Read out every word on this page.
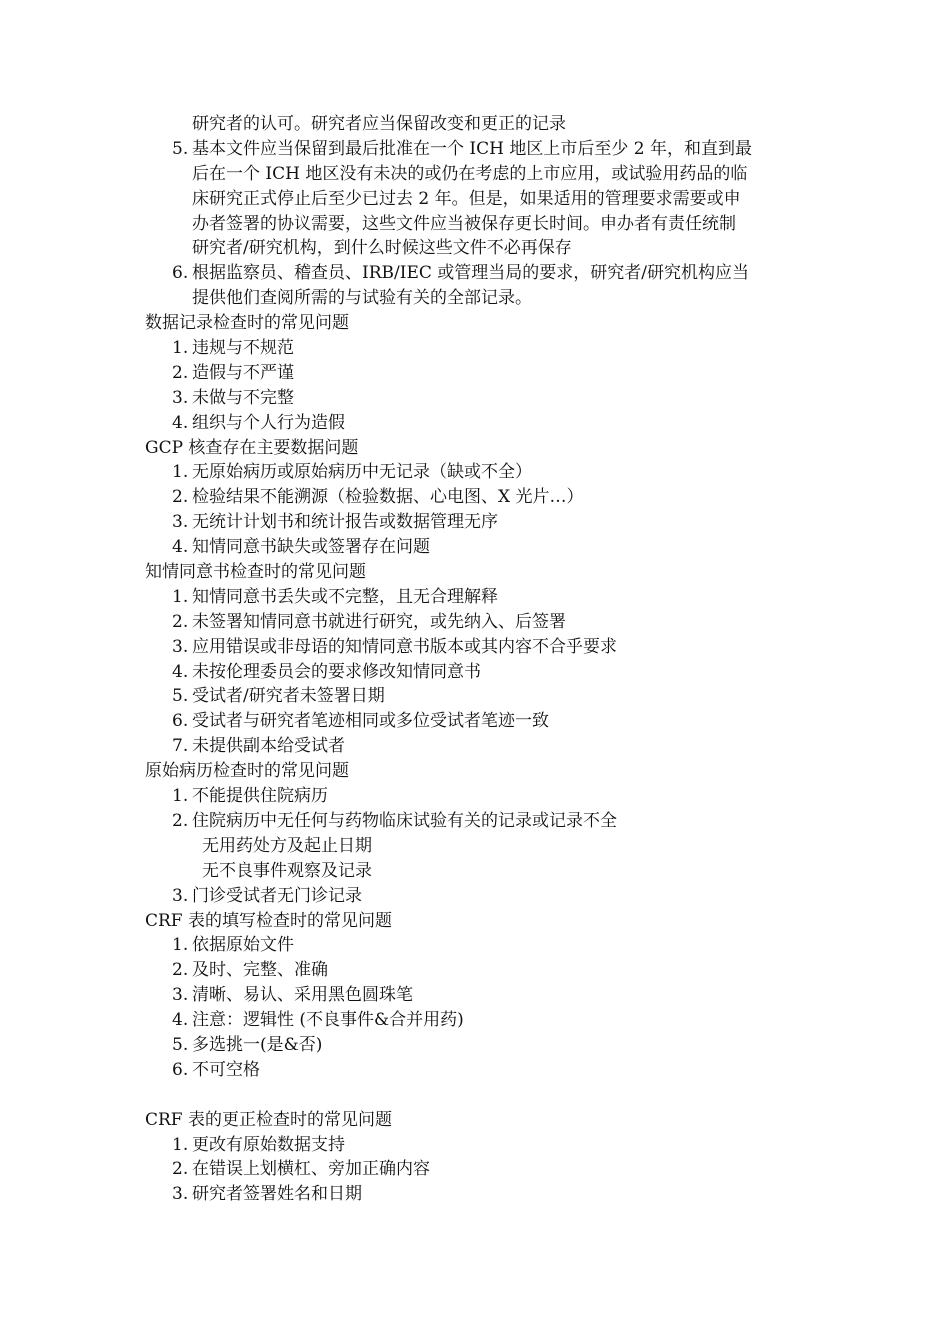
研究者的认可。研究者应当保留改变和更正的记录
5. 基本文件应当保留到最后批准在一个 ICH 地区上市后至少 2 年，和直到最
后在一个 ICH 地区没有未决的或仍在考虑的上市应用，或试验用药品的临
床研究正式停止后至少已过去 2 年。但是，如果适用的管理要求需要或申
办者签署的协议需要，这些文件应当被保存更长时间。申办者有责任统制
研究者/研究机构，到什么时候这些文件不必再保存
6. 根据监察员、稽查员、IRB/IEC 或管理当局的要求，研究者/研究机构应当
提供他们查阅所需的与试验有关的全部记录。
数据记录检查时的常见问题
1. 违规与不规范
2. 造假与不严谨
3. 未做与不完整
4. 组织与个人行为造假
GCP 核查存在主要数据问题
1. 无原始病历或原始病历中无记录（缺或不全）
2. 检验结果不能溯源（检验数据、心电图、X 光片…）
3. 无统计计划书和统计报告或数据管理无序
4. 知情同意书缺失或签署存在问题
知情同意书检查时的常见问题
1. 知情同意书丢失或不完整，且无合理解释
2. 未签署知情同意书就进行研究，或先纳入、后签署
3. 应用错误或非母语的知情同意书版本或其内容不合乎要求
4. 未按伦理委员会的要求修改知情同意书
5. 受试者/研究者未签署日期
6. 受试者与研究者笔迹相同或多位受试者笔迹一致
7. 未提供副本给受试者
原始病历检查时的常见问题
1. 不能提供住院病历
2. 住院病历中无任何与药物临床试验有关的记录或记录不全
无用药处方及起止日期
无不良事件观察及记录
3. 门诊受试者无门诊记录
CRF 表的填写检查时的常见问题
1. 依据原始文件
2. 及时、完整、准确
3. 清晰、易认、采用黑色圆珠笔
4. 注意：逻辑性 (不良事件&合并用药)
5. 多选挑一(是&否)
6. 不可空格
CRF 表的更正检查时的常见问题
1. 更改有原始数据支持
2. 在错误上划横杠、旁加正确内容
3. 研究者签署姓名和日期
